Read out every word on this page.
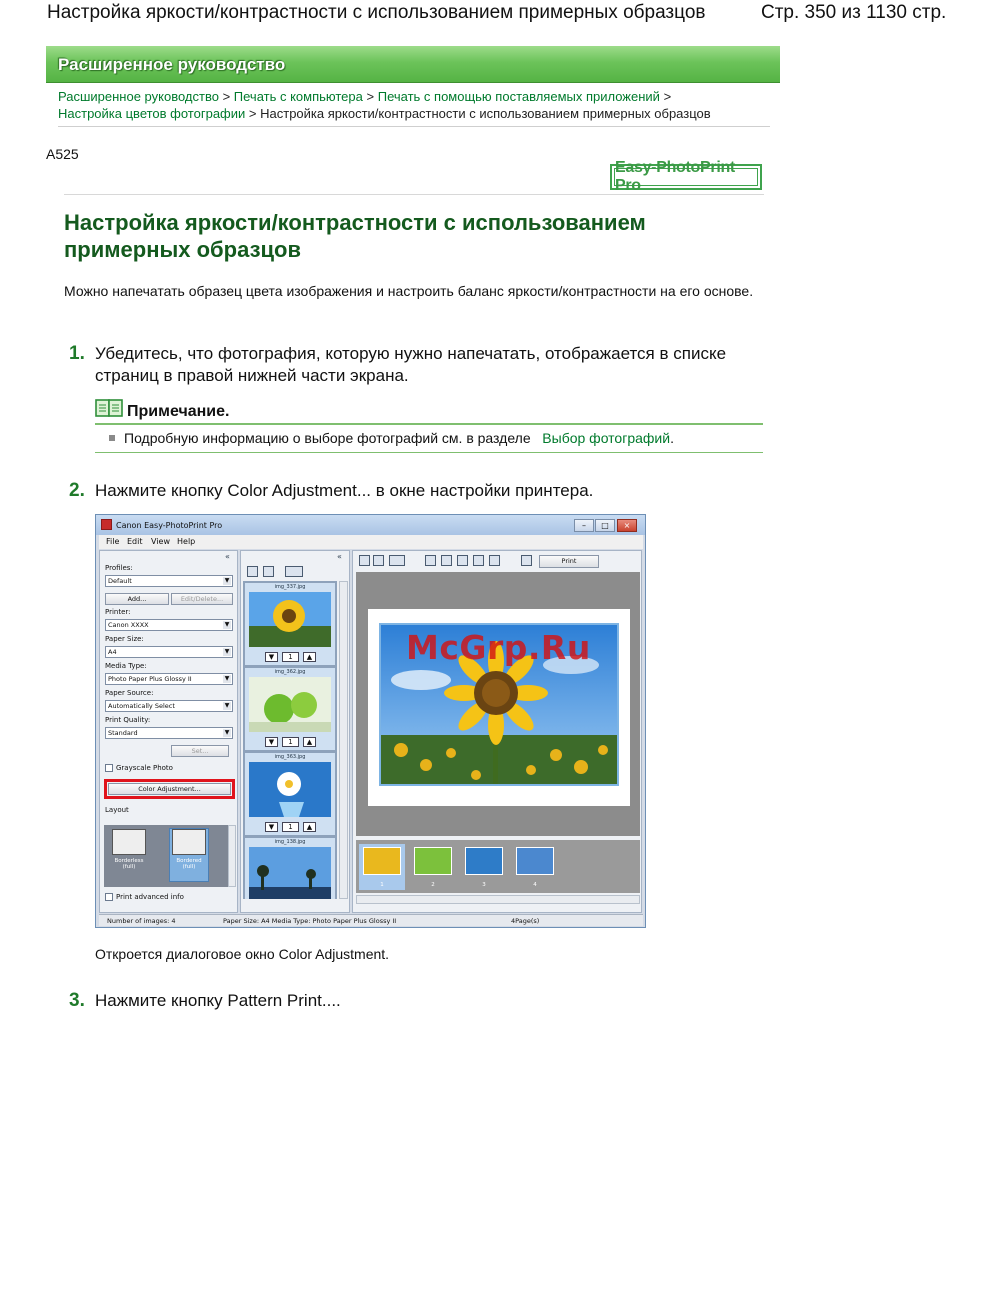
Настройка яркости/контрастности с использованием примерных образцов	Стр. 350 из 1130 стр.
Расширенное руководство
Расширенное руководство > Печать с компьютера > Печать с помощью поставляемых приложений >
Настройка цветов фотографии > Настройка яркости/контрастности с использованием примерных образцов
A525
Easy-PhotoPrint Pro
Настройка яркости/контрастности с использованием примерных образцов
Можно напечатать образец цвета изображения и настроить баланс яркости/контрастности на его основе.
1. Убедитесь, что фотография, которую нужно напечатать, отображается в списке страниц в правой нижней части экрана.
Примечание.
Подробную информацию о выборе фотографий см. в разделе Выбор фотографий.
2. Нажмите кнопку Color Adjustment... в окне настройки принтера.
Canon Easy-PhotoPrint Pro	–	□	×
File Edit View Help
«
Profiles:
Default	▼
Add...	Edit/Delete...
Printer:
Canon XXXX	▼
Paper Size:
A4	▼
Media Type:
Photo Paper Plus Glossy II	▼
Paper Source:
Automatically Select	▼
Print Quality:
Standard	▼
Set...
Grayscale Photo
Color Adjustment...
Layout
Borderless (full)
Bordered (full)
Print advanced info
«
img_337.jpg
▼	1	▲
img_362.jpg
▼	1	▲
img_363.jpg
▼	1	▲
img_138.jpg
Print
1	2	3	4
Number of images: 4	Paper Size: A4 Media Type: Photo Paper Plus Glossy II	4Page(s)
McGrp.Ru
Откроется диалоговое окно Color Adjustment.
3. Нажмите кнопку Pattern Print....
